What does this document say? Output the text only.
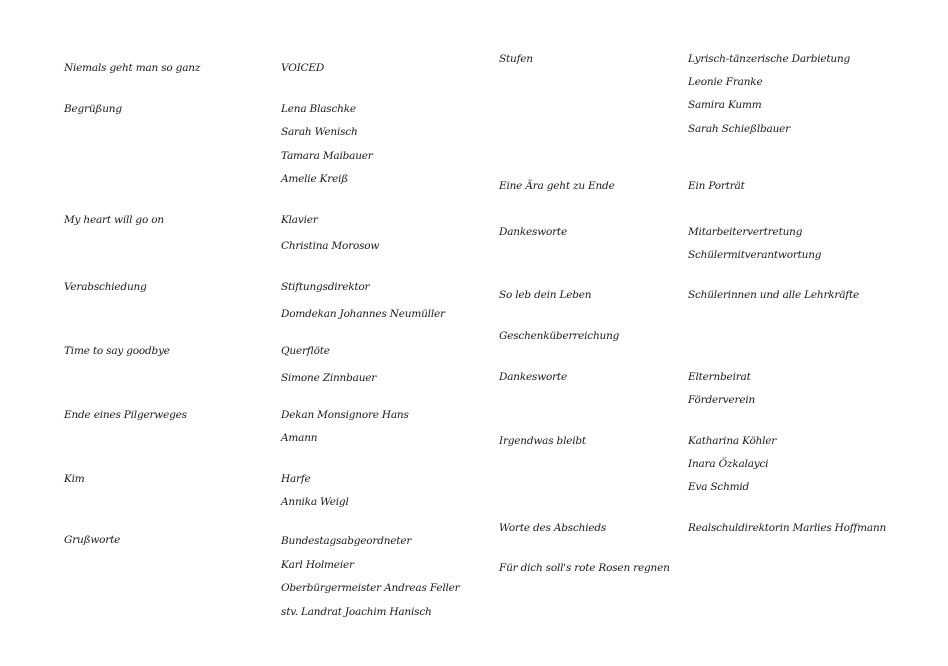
Niemals geht man so ganz	VOICED
Begrüßung	Lena Blaschke
Sarah Wenisch
Tamara Maibauer
Amelie Kreiß
My heart will go on	Klavier
Christina Morosow
Verabschiedung	Stiftungsdirektor
Domdekan Johannes Neumüller
Time to say goodbye	Querflöte
Simone Zinnbauer
Ende eines Pilgerweges	Dekan Monsignore Hans
Amann
Kim	Harfe
Annika Weigl
Grußworte	Bundestagsabgeordneter
Karl Holmeier
Oberbürgermeister Andreas Feller
stv. Landrat Joachim Hanisch
Stufen	Lyrisch-tänzerische Darbietung
Leonie Franke
Samira Kumm
Sarah Schießlbauer
Eine Ära geht zu Ende	Ein Porträt
Dankesworte	Mitarbeitervertretung
Schülermitverantwortung
So leb dein Leben	Schülerinnen und alle Lehrkräfte
Geschenküberreichung
Dankesworte	Elternbeirat
Förderverein
Irgendwas bleibt	Katharina Köhler
Inara Özkalayci
Eva Schmid
Worte des Abschieds	Realschuldirektorin Marlies Hoffmann
Für dich soll's rote Rosen regnen
